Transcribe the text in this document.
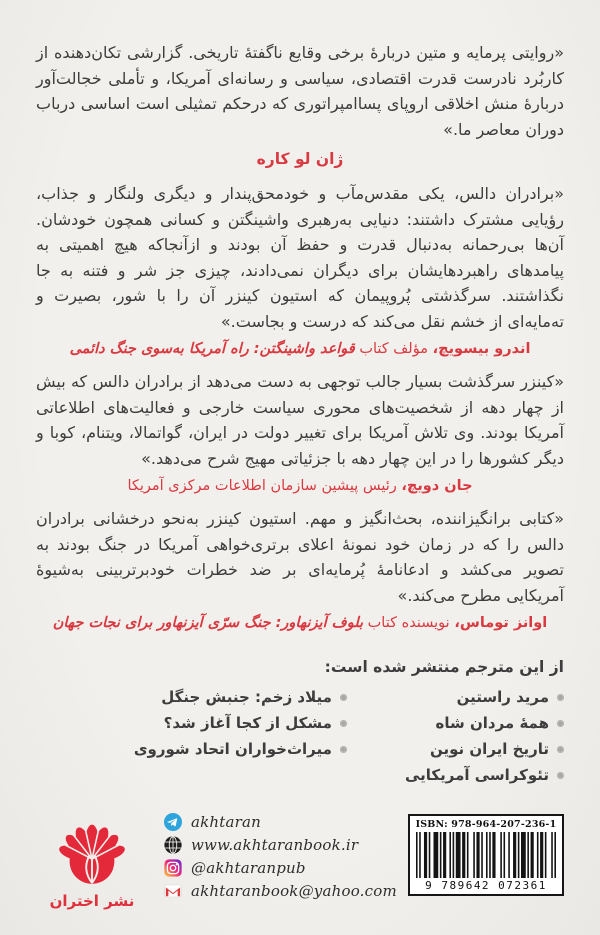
«روایتی پرمایه و متین دربارهٔ برخی وقایع ناگفتهٔ تاریخی. گزارشی تکان‌دهنده از کاربُرد نادرست قدرت اقتصادی، سیاسی و رسانه‌ای آمریکا، و تأملی خجالت‌آور دربارهٔ منش اخلاقی اروپای پساامپراتوری که درحکم تمثیلی است اساسی درباب دوران معاصر ما.»

ژان لو کاره

«برادران دالس، یکی مقدس‌مآب و خودمحق‌پندار و دیگری ولنگار و جذاب، رؤیایی مشترک داشتند: دنیایی به‌رهبری واشینگتن و کسانی همچون خودشان. آن‌ها بی‌رحمانه به‌دنبال قدرت و حفظ آن بودند و ازآنجاکه هیچ اهمیتی به پیامدهای راهبردهایشان برای دیگران نمی‌دادند، چیزی جز شر و فتنه به جا نگذاشتند. سرگذشتی پُروپیمان که استیون کینزر آن را با شور، بصیرت و ته‌مایه‌ای از خشم نقل می‌کند که درست و بجاست.»

اندرو بیسویچ، مؤلف کتاب قواعد واشینگتن: راه آمریکا به‌سوی جنگ دائمی

«کینزر سرگذشت بسیار جالب توجهی به دست می‌دهد از برادران دالس که بیش از چهار دهه از شخصیت‌های محوری سیاست خارجی و فعالیت‌های اطلاعاتی آمریکا بودند. وی تلاش آمریکا برای تغییر دولت در ایران، گواتمالا، ویتنام، کوبا و دیگر کشورها را در این چهار دهه با جزئیاتی مهیج شرح می‌دهد.»

جان دویچ، رئیس پیشین سازمان اطلاعات مرکزی آمریکا

«کتابی برانگیزاننده، بحث‌انگیز و مهم. استیون کینزر به‌نحو درخشانی برادران دالس را که در زمان خود نمونهٔ اعلای برتری‌خواهی آمریکا در جنگ بودند به تصویر می‌کشد و ادعانامهٔ پُرمایه‌ای بر ضد خطرات خودبرتربینی به‌شیوهٔ آمریکایی مطرح می‌کند.»

اوانز توماس، نویسنده کتاب بلوف آیزنهاور: جنگ سرّی آیزنهاور برای نجات جهان
از این مترجم منتشر شده است:
مرید راستین
همهٔ مردان شاه
تاریخ ایران نوین
تئوکراسی آمریکایی
میلاد زخم: جنبش جنگل
مشکل از کجا آغاز شد؟
میراث‌خواران اتحاد شوروی
نشر اختران
akhtaran
www.akhtaranbook.ir
@akhtaranpub
akhtaranbook@yahoo.com
ISBN: 978-964-207-236-1
9 789642 072361
